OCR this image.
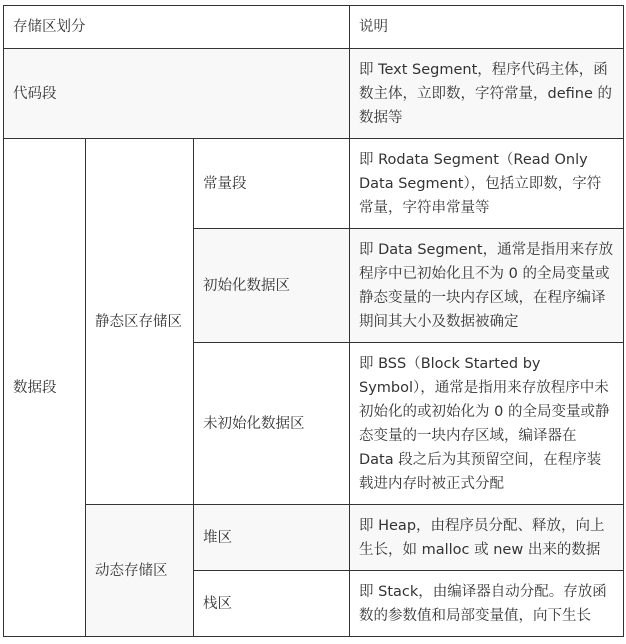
存储区划分			说明
代码段			即 Text Segment，程序代码主体，函数主体，立即数，字符常量，define 的数据等
数据段	静态区存储区	常量段	即 Rodata Segment（Read Only Data Segment），包括立即数，字符常量，字符串常量等
		初始化数据区	即 Data Segment，通常是指用来存放程序中已初始化且不为 0 的全局变量或静态变量的一块内存区域，在程序编译期间其大小及数据被确定
		未初始化数据区	即 BSS（Block Started by Symbol），通常是指用来存放程序中未初始化的或初始化为 0 的全局变量或静态变量的一块内存区域，编译器在 Data 段之后为其预留空间，在程序装载进内存时被正式分配
	动态存储区	堆区	即 Heap，由程序员分配、释放，向上生长，如 malloc 或 new 出来的数据
		栈区	即 Stack，由编译器自动分配。存放函数的参数值和局部变量值，向下生长
